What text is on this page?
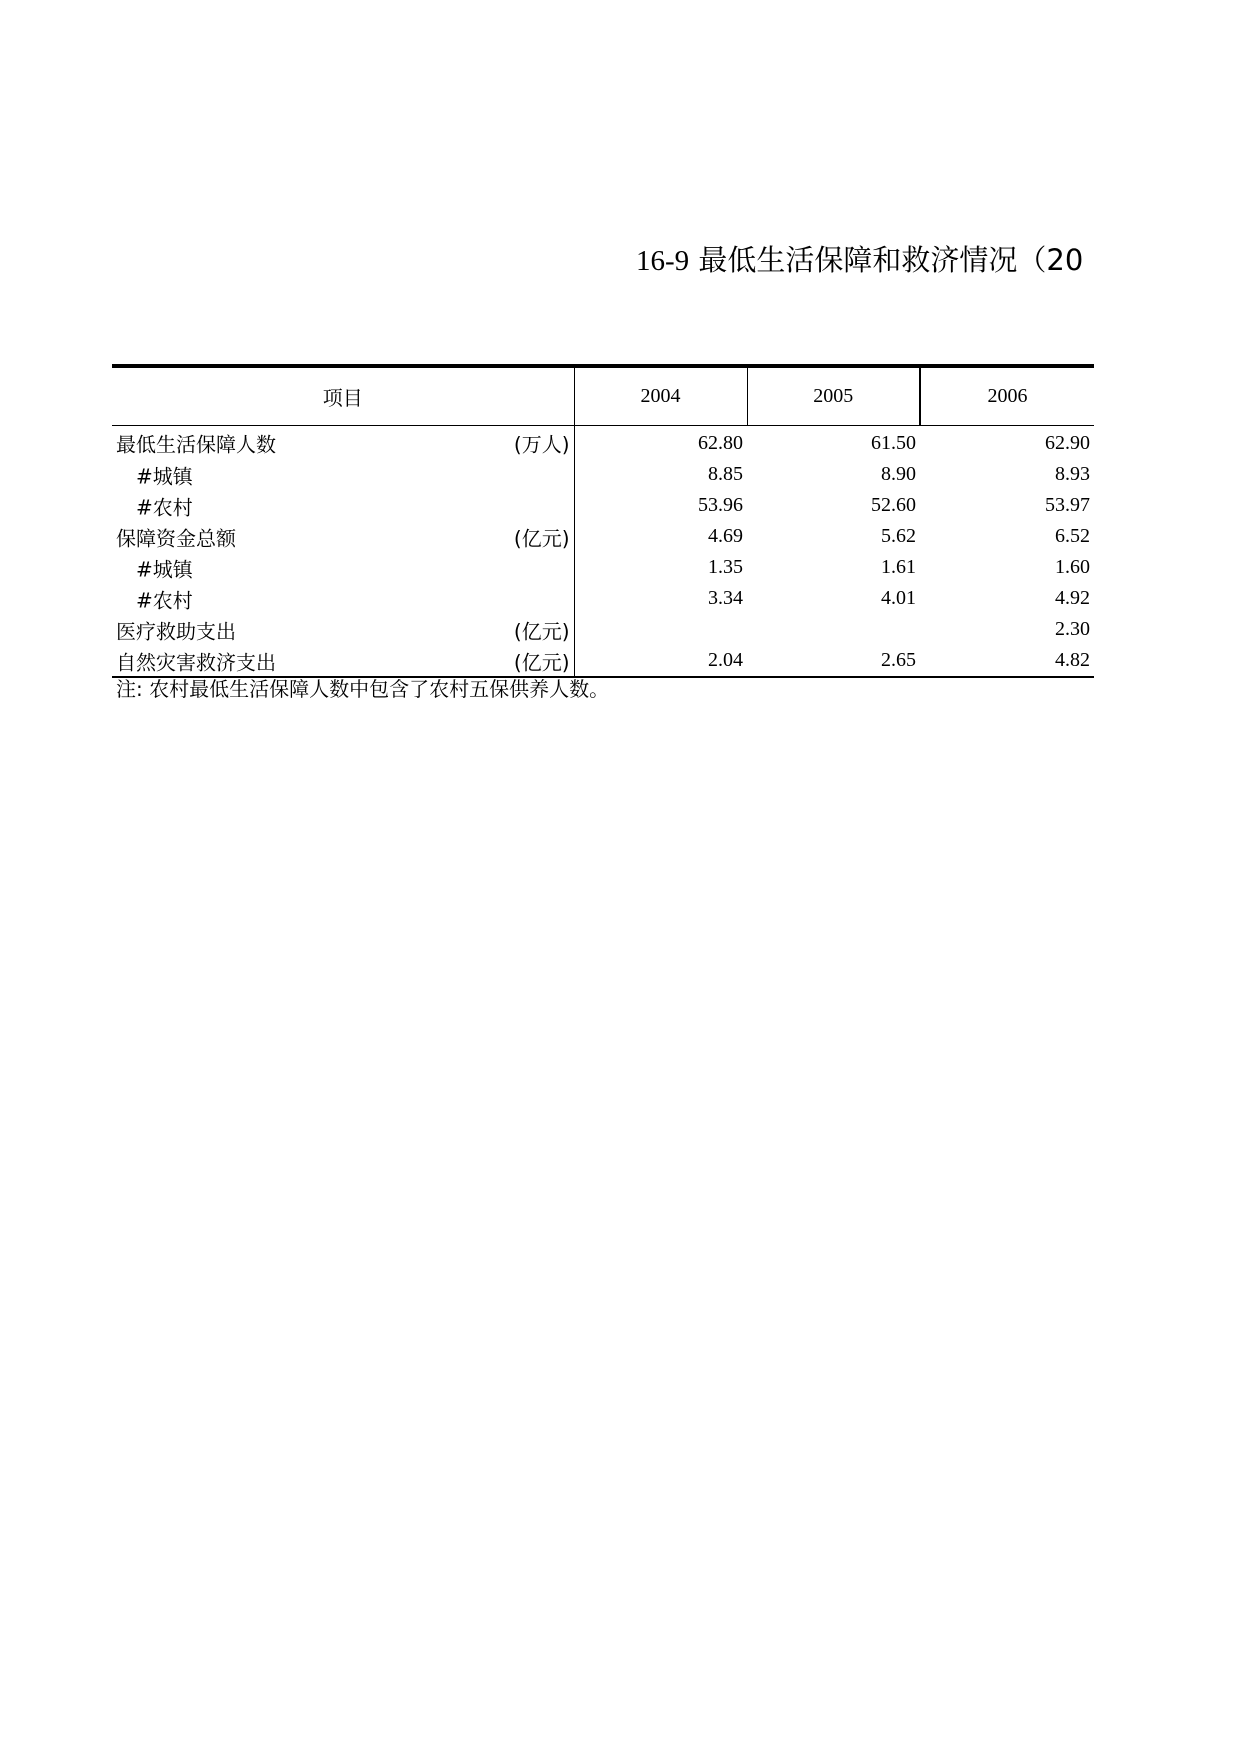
16-9 最低生活保障和救济情况（20
项目	2004	2005	2006

最低生活保障人数 (万人)	62.80	61.50	62.90

#城镇	8.85	8.90	8.93

#农村	53.96	52.60	53.97

保障资金总额 (亿元)	4.69	5.62	6.52

#城镇	1.35	1.61	1.60

#农村	3.34	4.01	4.92

医疗救助支出 (亿元)			2.30

自然灾害救济支出 (亿元)	2.04	2.65	4.82
注: 农村最低生活保障人数中包含了农村五保供养人数。
